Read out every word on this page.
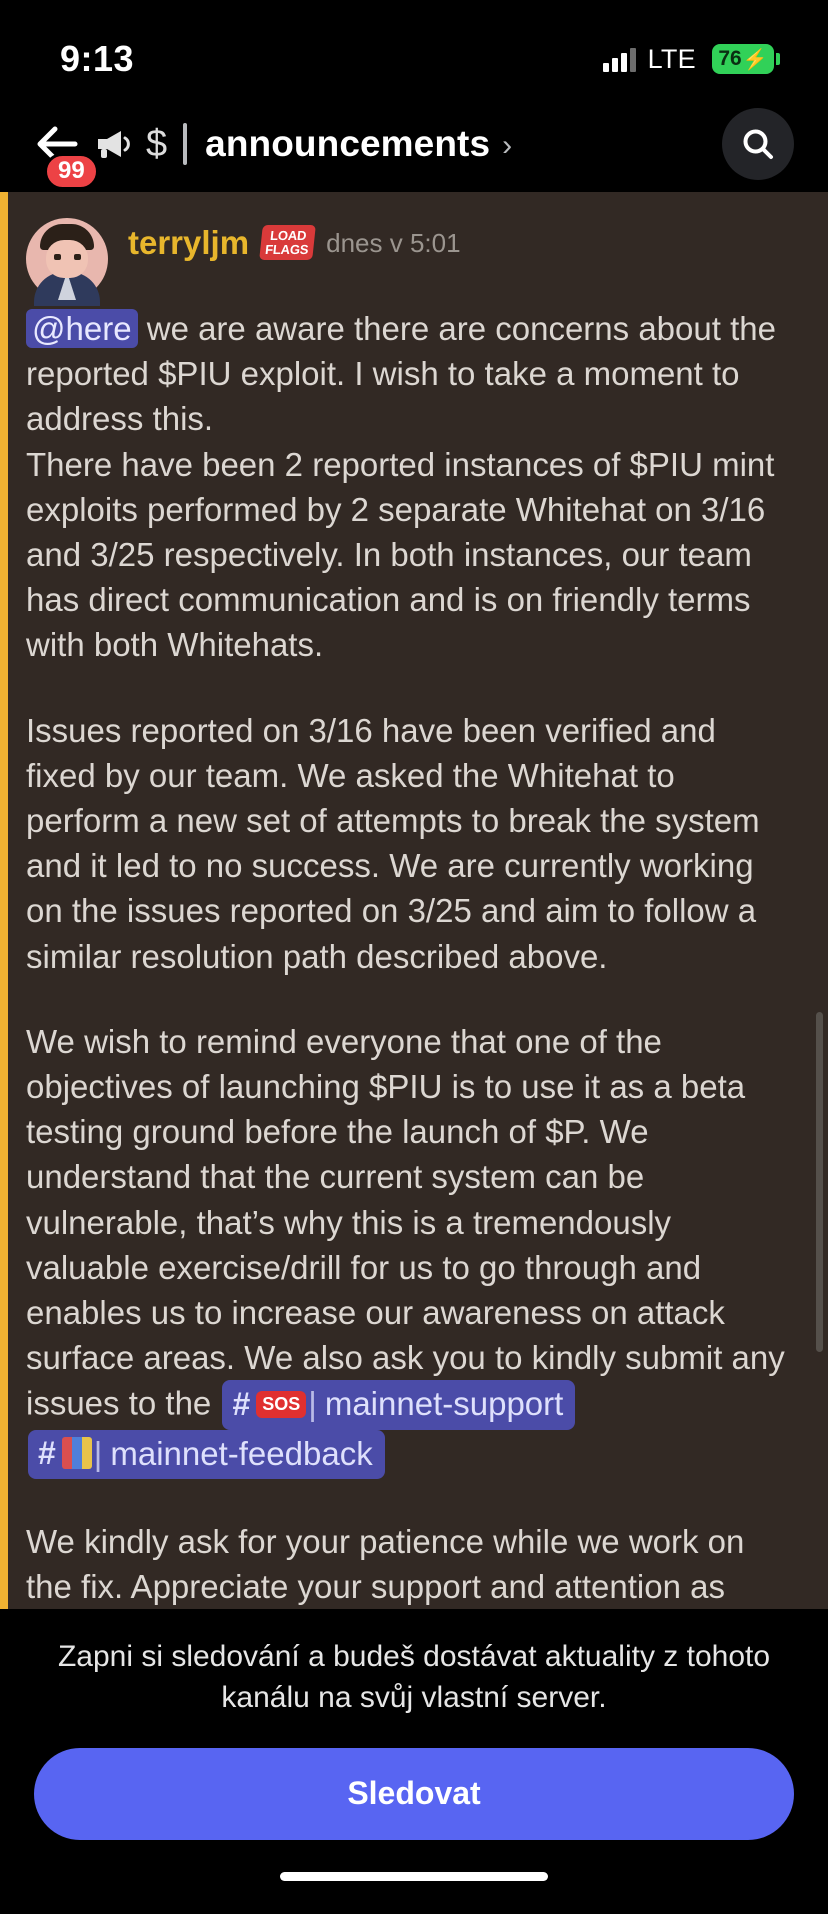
9:13	LTE 76 ⚡
99
$ announcements ›
terryljm	LOAD
FLAGS dnes v 5:01

@here we are aware there are concerns about the reported $PIU exploit. I wish to take a moment to address this.

There have been 2 reported instances of $PIU mint exploits performed by 2 separate Whitehat on 3/16 and 3/25 respectively. In both instances, our team has direct communication and is on friendly terms with both Whitehats.

Issues reported on 3/16 have been verified and fixed by our team. We asked the Whitehat to perform a new set of attempts to break the system and it led to no success. We are currently working on the issues reported on 3/25 and aim to follow a similar resolution path described above.

We wish to remind everyone that one of the objectives of launching $PIU is to use it as a beta testing ground before the launch of $P. We understand that the current system can be vulnerable, that’s why this is a tremendously valuable exercise/drill for us to go through and enables us to increase our awareness on attack surface areas. We also ask you to kindly submit any issues to the # SOS | mainnet-support
# | mainnet-feedback

We kindly ask for your patience while we work on the fix. Appreciate your support and attention as

Zapni si sledování a budeš dostávat aktuality z tohoto kanálu na svůj vlastní server.
Sledovat
